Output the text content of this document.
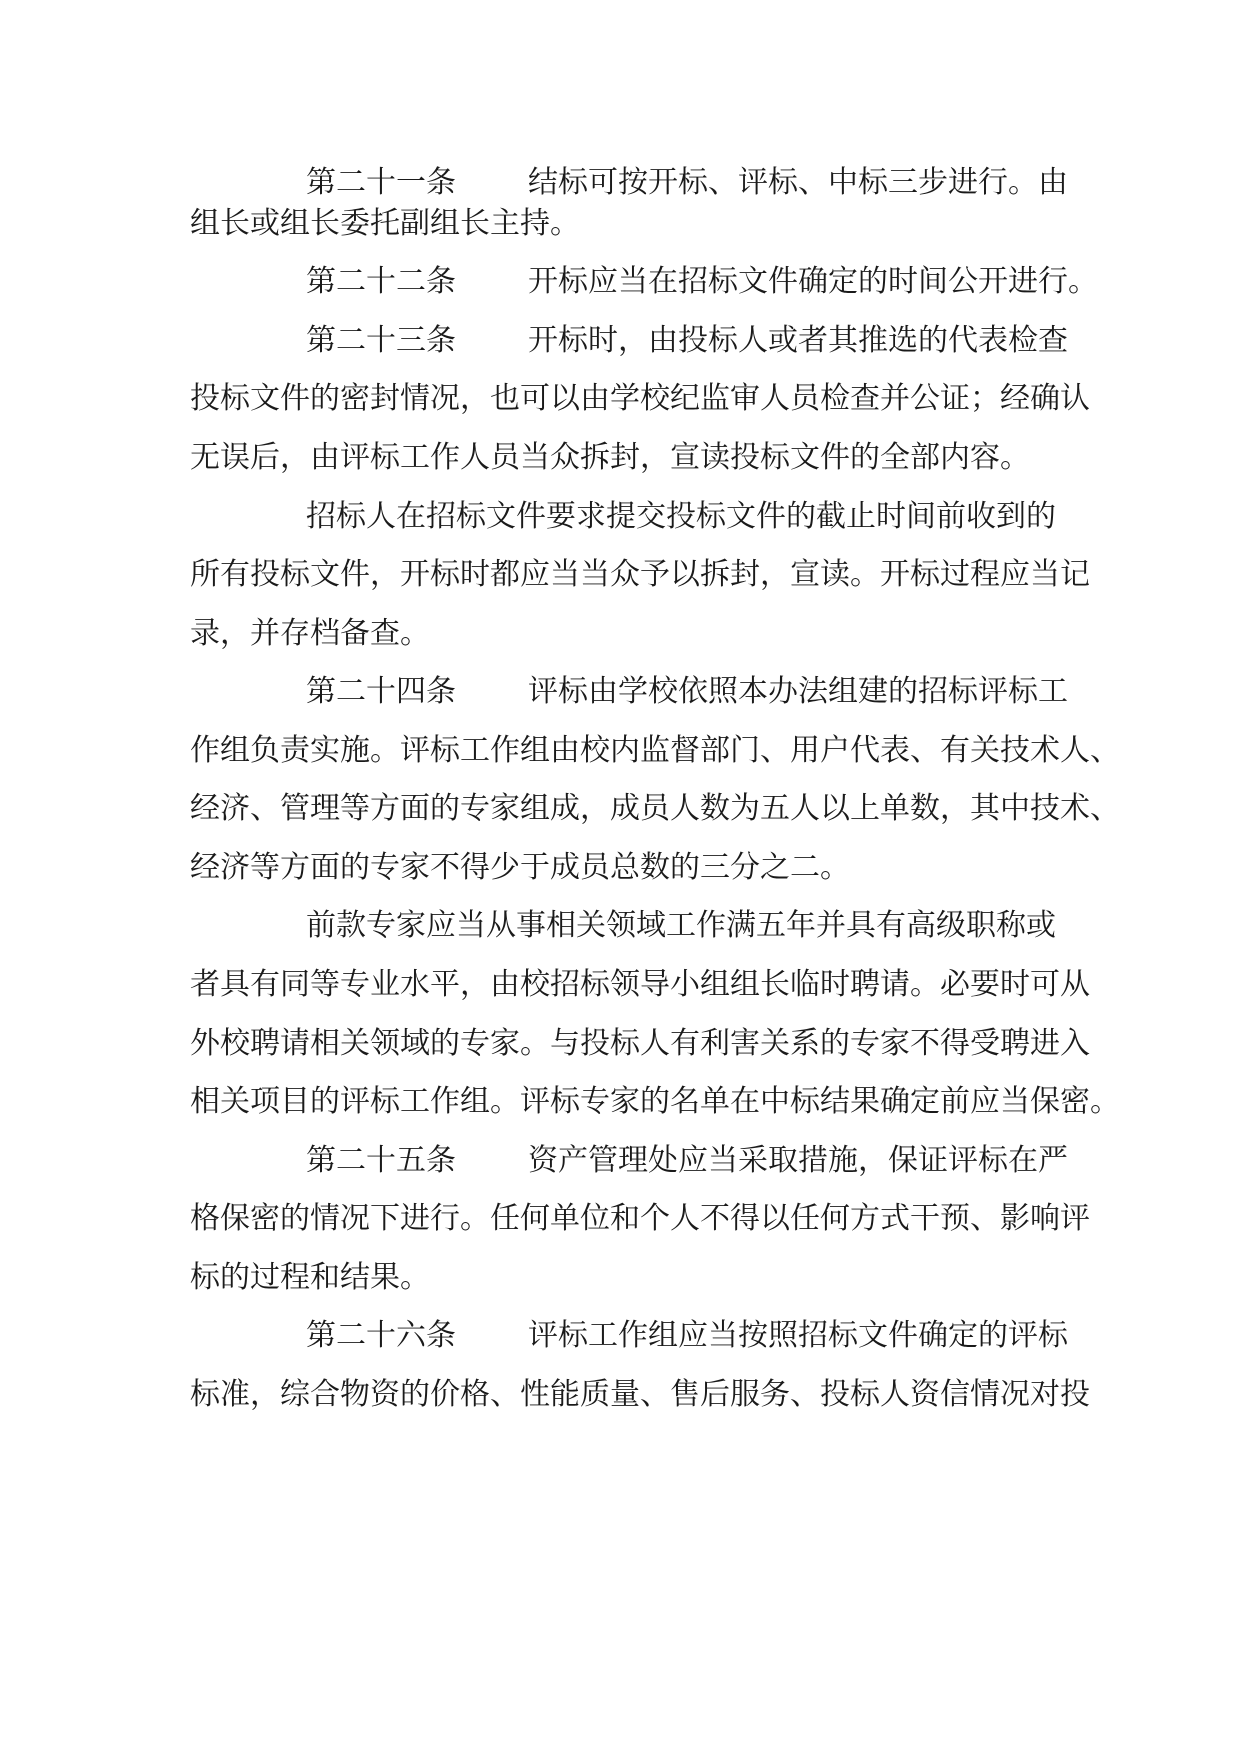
第二十一条 结标可按开标、评标、中标三步进行。由
组长或组长委托副组长主持。
第二十二条 开标应当在招标文件确定的时间公开进行。
第二十三条 开标时，由投标人或者其推选的代表检查
投标文件的密封情况，也可以由学校纪监审人员检查并公证；经确认
无误后，由评标工作人员当众拆封，宣读投标文件的全部内容。
招标人在招标文件要求提交投标文件的截止时间前收到的
所有投标文件，开标时都应当当众予以拆封，宣读。开标过程应当记
录，并存档备查。
第二十四条 评标由学校依照本办法组建的招标评标工
作组负责实施。评标工作组由校内监督部门、用户代表、有关技术人、
经济、管理等方面的专家组成，成员人数为五人以上单数，其中技术、
经济等方面的专家不得少于成员总数的三分之二。
前款专家应当从事相关领域工作满五年并具有高级职称或
者具有同等专业水平，由校招标领导小组组长临时聘请。必要时可从
外校聘请相关领域的专家。与投标人有利害关系的专家不得受聘进入
相关项目的评标工作组。评标专家的名单在中标结果确定前应当保密。
第二十五条 资产管理处应当采取措施，保证评标在严
格保密的情况下进行。任何单位和个人不得以任何方式干预、影响评
标的过程和结果。
第二十六条 评标工作组应当按照招标文件确定的评标
标准，综合物资的价格、性能质量、售后服务、投标人资信情况对投
